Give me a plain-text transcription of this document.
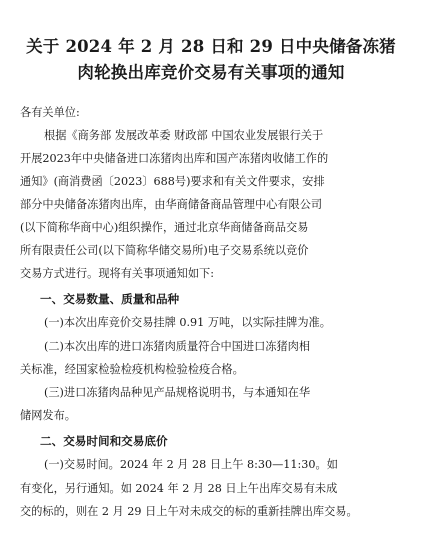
关于 2024 年 2 月 28 日和 29 日中央储备冻猪
肉轮换出库竞价交易有关事项的通知
各有关单位:
根据《商务部 发展改革委 财政部 中国农业发展银行关于
开展2023年中央储备进口冻猪肉出库和国产冻猪肉收储工作的
通知》(商消费函〔2023〕688号)要求和有关文件要求，安排
部分中央储备冻猪肉出库，由华商储备商品管理中心有限公司
(以下简称华商中心)组织操作，通过北京华商储备商品交易
所有限责任公司(以下简称华储交易所)电子交易系统以竞价
交易方式进行。现将有关事项通知如下:
一、交易数量、质量和品种
(一)本次出库竞价交易挂牌 0.91 万吨，以实际挂牌为准。
(二)本次出库的进口冻猪肉质量符合中国进口冻猪肉相
关标准，经国家检验检疫机构检验检疫合格。
(三)进口冻猪肉品种见产品规格说明书，与本通知在华
储网发布。
二、交易时间和交易底价
(一)交易时间。2024 年 2 月 28 日上午 8:30—11:30。如
有变化，另行通知。如 2024 年 2 月 28 日上午出库交易有未成
交的标的，则在 2 月 29 日上午对未成交的标的重新挂牌出库交易。
